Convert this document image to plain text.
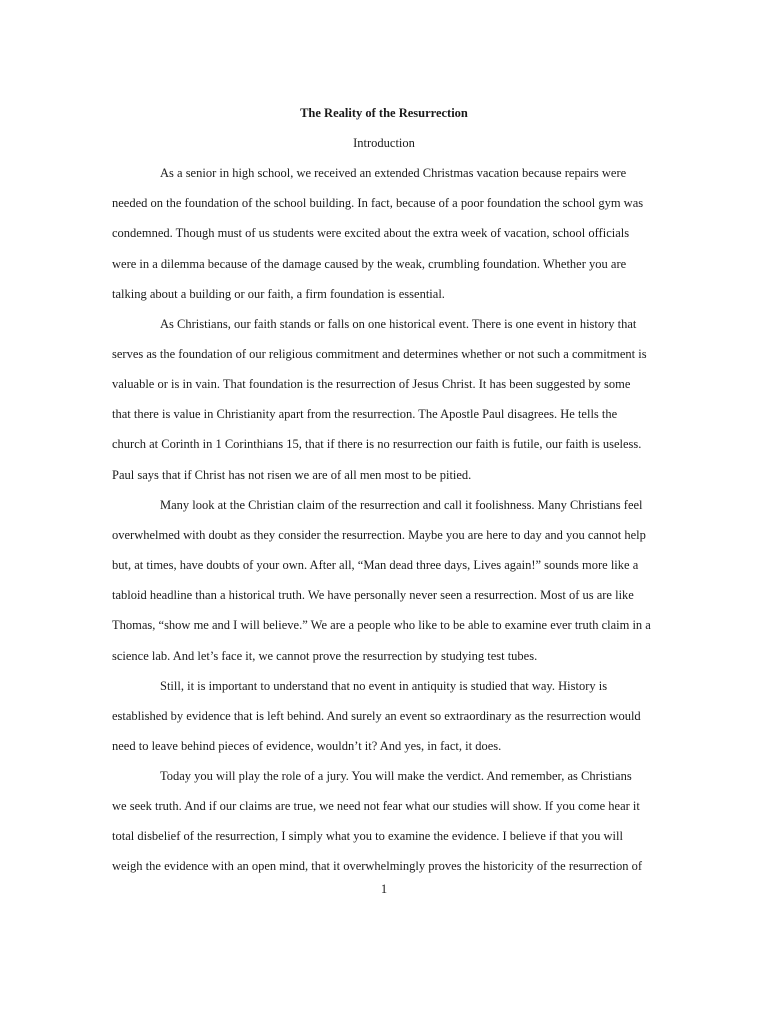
The Reality of the Resurrection
Introduction
As a senior in high school, we received an extended Christmas vacation because repairs were
needed on the foundation of the school building. In fact, because of a poor foundation the school gym was
condemned. Though must of us students were excited about the extra week of vacation, school officials
were in a dilemma because of the damage caused by the weak, crumbling foundation. Whether you are
talking about a building or our faith, a firm foundation is essential.
As Christians, our faith stands or falls on one historical event. There is one event in history that
serves as the foundation of our religious commitment and determines whether or not such a commitment is
valuable or is in vain. That foundation is the resurrection of Jesus Christ. It has been suggested by some
that there is value in Christianity apart from the resurrection. The Apostle Paul disagrees. He tells the
church at Corinth in 1 Corinthians 15, that if there is no resurrection our faith is futile, our faith is useless.
Paul says that if Christ has not risen we are of all men most to be pitied.
Many look at the Christian claim of the resurrection and call it foolishness. Many Christians feel
overwhelmed with doubt as they consider the resurrection. Maybe you are here to day and you cannot help
but, at times, have doubts of your own. After all, “Man dead three days, Lives again!” sounds more like a
tabloid headline than a historical truth. We have personally never seen a resurrection. Most of us are like
Thomas, “show me and I will believe.” We are a people who like to be able to examine ever truth claim in a
science lab. And let’s face it, we cannot prove the resurrection by studying test tubes.
Still, it is important to understand that no event in antiquity is studied that way. History is
established by evidence that is left behind. And surely an event so extraordinary as the resurrection would
need to leave behind pieces of evidence, wouldn’t it? And yes, in fact, it does.
Today you will play the role of a jury. You will make the verdict. And remember, as Christians
we seek truth. And if our claims are true, we need not fear what our studies will show. If you come hear it
total disbelief of the resurrection, I simply what you to examine the evidence. I believe if that you will
weigh the evidence with an open mind, that it overwhelmingly proves the historicity of the resurrection of
1
